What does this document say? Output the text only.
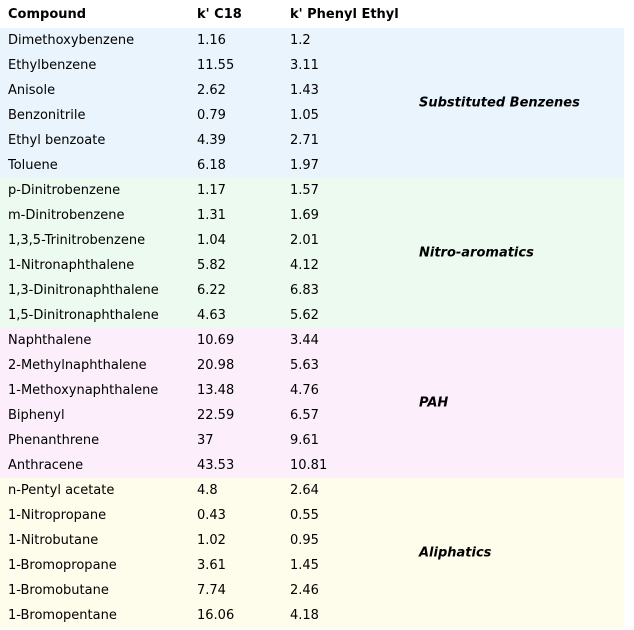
Compound	k' C18	k' Phenyl Ethyl
Dimethoxybenzene	1.16	1.2
Ethylbenzene	11.55	3.11
Anisole	2.62	1.43
Benzonitrile	0.79	1.05
Ethyl benzoate	4.39	2.71
Toluene	6.18	1.97
Substituted Benzenes
p-Dinitrobenzene	1.17	1.57
m-Dinitrobenzene	1.31	1.69
1,3,5-Trinitrobenzene	1.04	2.01
1-Nitronaphthalene	5.82	4.12
1,3-Dinitronaphthalene	6.22	6.83
1,5-Dinitronaphthalene	4.63	5.62
Nitro-aromatics
Naphthalene	10.69	3.44
2-Methylnaphthalene	20.98	5.63
1-Methoxynaphthalene	13.48	4.76
Biphenyl	22.59	6.57
Phenanthrene	37	9.61
Anthracene	43.53	10.81
PAH
n-Pentyl acetate	4.8	2.64
1-Nitropropane	0.43	0.55
1-Nitrobutane	1.02	0.95
1-Bromopropane	3.61	1.45
1-Bromobutane	7.74	2.46
1-Bromopentane	16.06	4.18
Aliphatics
